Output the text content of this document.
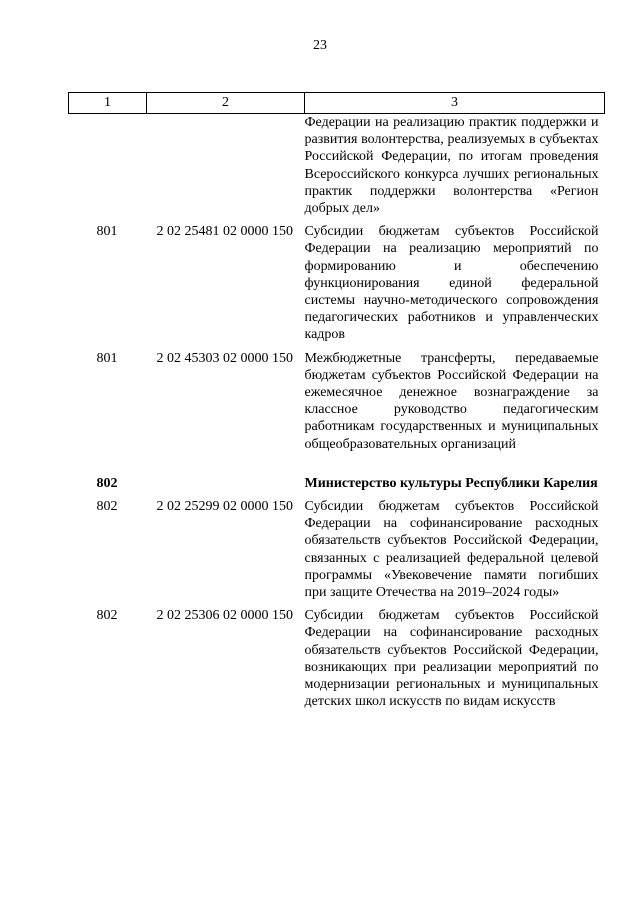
23
1	2	3
		Федерации на реализацию практик поддержки и развития волонтерства, реализуемых в субъектах Российской Федерации, по итогам проведения Всероссийского конкурса лучших региональных практик поддержки волонтерства «Регион добрых дел»

801	2 02 25481 02 0000 150	Субсидии бюджетам субъектов Российской Федерации на реализацию мероприятий по формированию и обеспечению функционирования единой федеральной системы научно-методического сопровождения педагогических работников и управленческих кадров

801	2 02 45303 02 0000 150	Межбюджетные трансферты, передаваемые бюджетам субъектов Российской Федерации на ежемесячное денежное вознаграждение за классное руководство педагогическим работникам государственных и муниципальных общеобразовательных организаций

802		Министерство культуры Республики Карелия

802	2 02 25299 02 0000 150	Субсидии бюджетам субъектов Российской Федерации на софинансирование расходных обязательств субъектов Российской Федерации, связанных с реализацией федеральной целевой программы «Увековечение памяти погибших при защите Отечества на 2019–2024 годы»

802	2 02 25306 02 0000 150	Субсидии бюджетам субъектов Российской Федерации на софинансирование расходных обязательств субъектов Российской Федерации, возникающих при реализации мероприятий по модернизации региональных и муниципальных детских школ искусств по видам искусств
